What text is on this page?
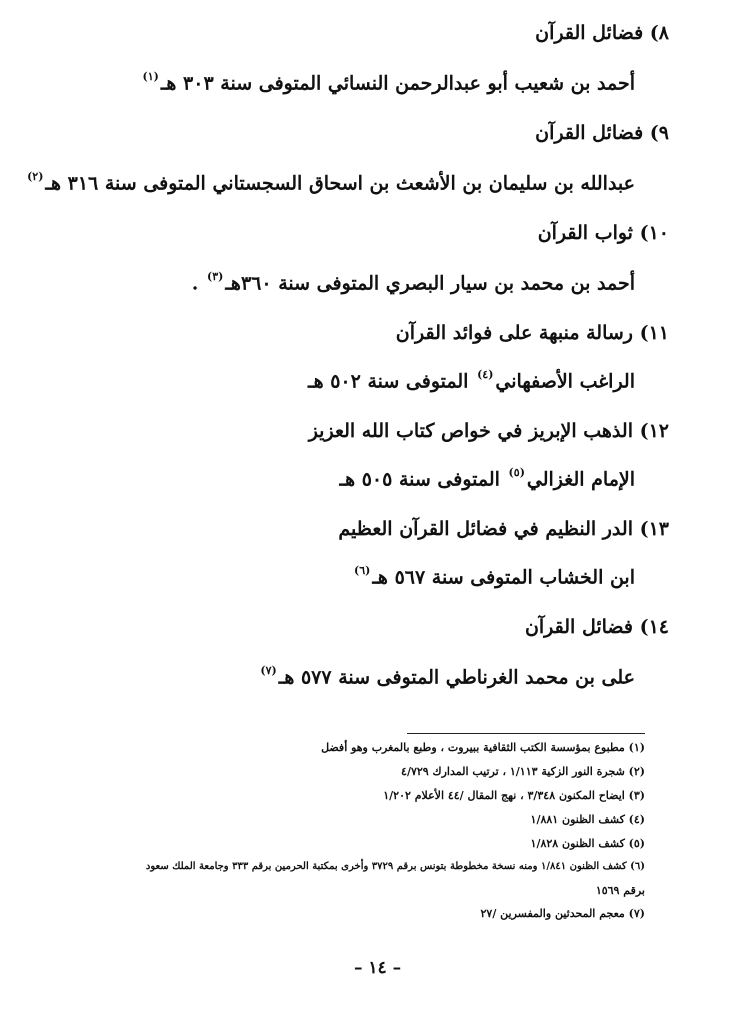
٨) فضائل القرآن
أحمد بن شعيب أبو عبدالرحمن النسائي المتوفى سنة ٣٠٣ هـ$^{(١)}$
٩) فضائل القرآن
عبدالله بن سليمان بن الأشعث بن اسحاق السجستاني المتوفى سنة ٣١٦ هـ$^{(٢)}$
١٠) ثواب القرآن
أحمد بن محمد بن سيار البصري المتوفى سنة ٣٦٠هـ$^{(٣)}$ .
١١) رسالة منبهة على فوائد القرآن
الراغب الأصفهاني$^{(٤)}$ المتوفى سنة ٥٠٢ هـ
١٢) الذهب الإبريز في خواص كتاب الله العزيز
الإمام الغزالي$^{(٥)}$ المتوفى سنة ٥٠٥ هـ
١٣) الدر النظيم في فضائل القرآن العظيم
ابن الخشاب المتوفى سنة ٥٦٧ هـ$^{(٦)}$
١٤) فضائل القرآن
على بن محمد الغرناطي المتوفى سنة ٥٧٧ هـ$^{(٧)}$
(١) مطبوع بمؤسسة الكتب الثقافية ببيروت ، وطبع بالمغرب وهو أفضل
(٢) شجرة النور الزكية ١/١١٣ ، ترتيب المدارك ٤/٧٢٩
(٣) ايضاح المكنون ٣/٣٤٨ ، نهج المقال /٤٤ الأعلام ١/٢٠٢
(٤) كشف الظنون ١/٨٨١
(٥) كشف الظنون ١/٨٢٨
(٦) كشف الظنون ١/٨٤١ ومنه نسخة مخطوطة بتونس برقم ٣٧٢٩ وأخرى بمكتبة الحرمين برقم ٣٣٣ وجامعة الملك سعود
برقم ١٥٦٩
(٧) معجم المحدثين والمفسرين /٢٧
– ١٤ –
